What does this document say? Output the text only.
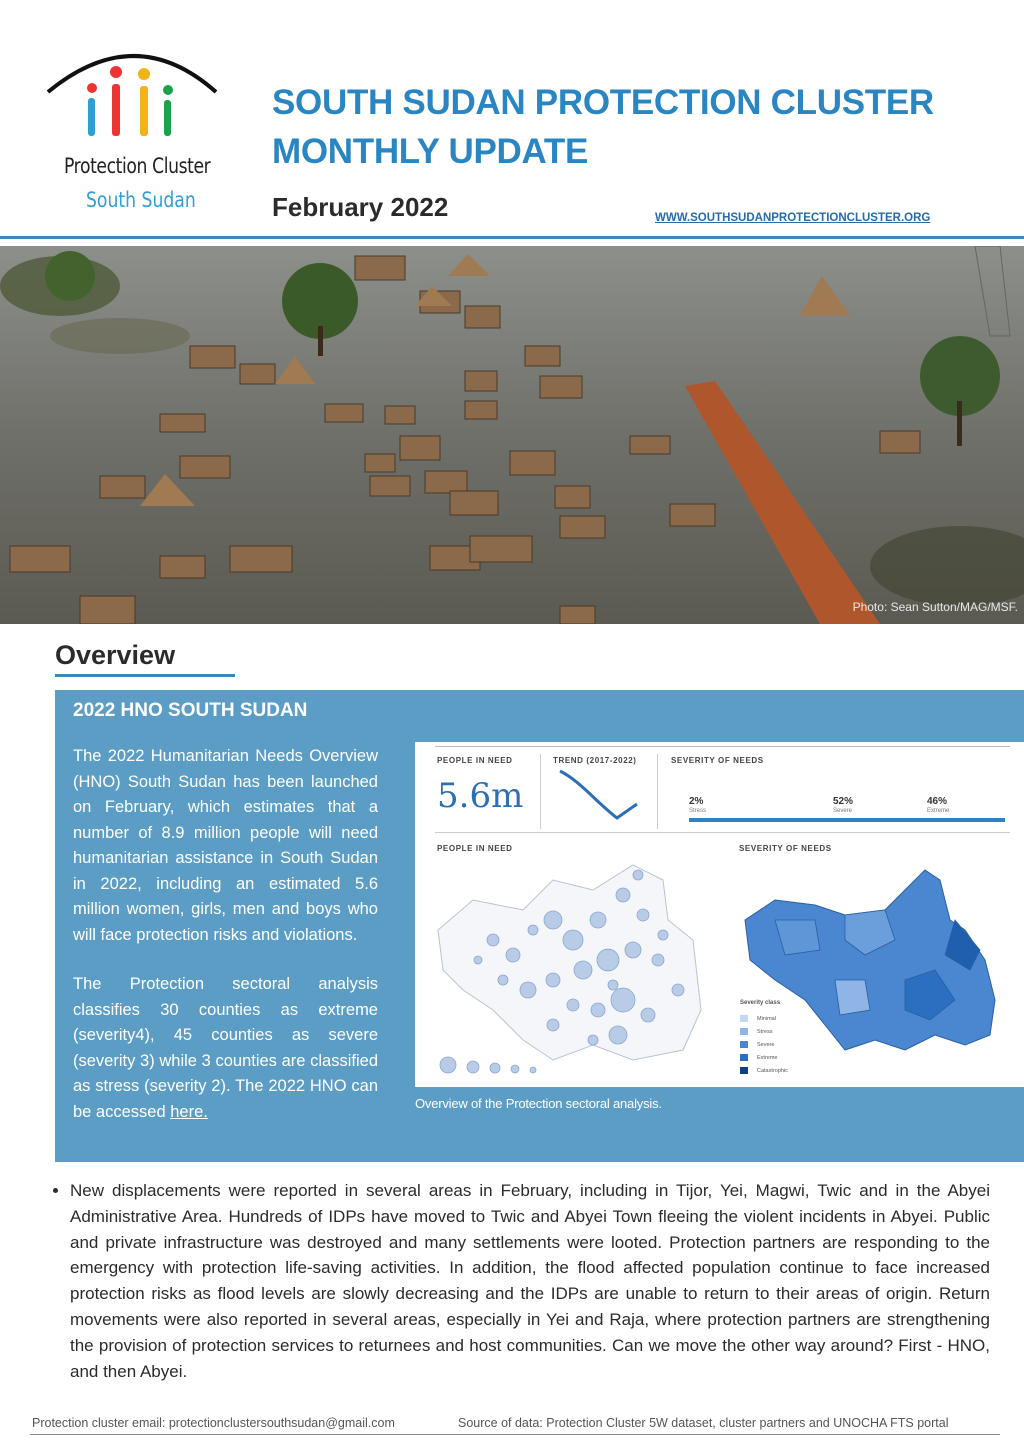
Protection Cluster
South Sudan
SOUTH SUDAN PROTECTION CLUSTER
MONTHLY UPDATE
February 2022	WWW.SOUTHSUDANPROTECTIONCLUSTER.ORG
Photo: Sean Sutton/MAG/MSF.
Overview
2022 HNO SOUTH SUDAN

The 2022 Humanitarian Needs Overview (HNO) South Sudan has been launched on February, which estimates that a number of 8.9 million people will need humanitarian assistance in South Sudan in 2022, including an estimated 5.6 million women, girls, men and boys who will face protection risks and violations.

The Protection sectoral analysis classifies 30 counties as extreme (severity4), 45 counties as severe (severity 3) while 3 counties are classified as stress (severity 2). The 2022 HNO can be accessed here.

PEOPLE IN NEED
5.6m
TREND (2017-2022)	SEVERITY OF NEEDS
2%
Stress
52%
Severe
46%
Extreme
PEOPLE IN NEED	SEVERITY OF NEEDS
Severity class
Minimal
Stress
Severe
Extreme
Catastrophic
Overview of the Protection sectoral analysis.
• New displacements were reported in several areas in February, including in Tijor, Yei, Magwi, Twic and in the Abyei Administrative Area. Hundreds of IDPs have moved to Twic and Abyei Town fleeing the violent incidents in Abyei. Public and private infrastructure was destroyed and many settlements were looted. Protection partners are responding to the emergency with protection life-saving activities. In addition, the flood affected population continue to face increased protection risks as flood levels are slowly decreasing and the IDPs are unable to return to their areas of origin. Return movements were also reported in several areas, especially in Yei and Raja, where protection partners are strengthening the provision of protection services to returnees and host communities. Can we move the other way around? First - HNO, and then Abyei.
Protection cluster email: protectionclustersouthsudan@gmail.com	Source of data: Protection Cluster 5W dataset, cluster partners and UNOCHA FTS portal
